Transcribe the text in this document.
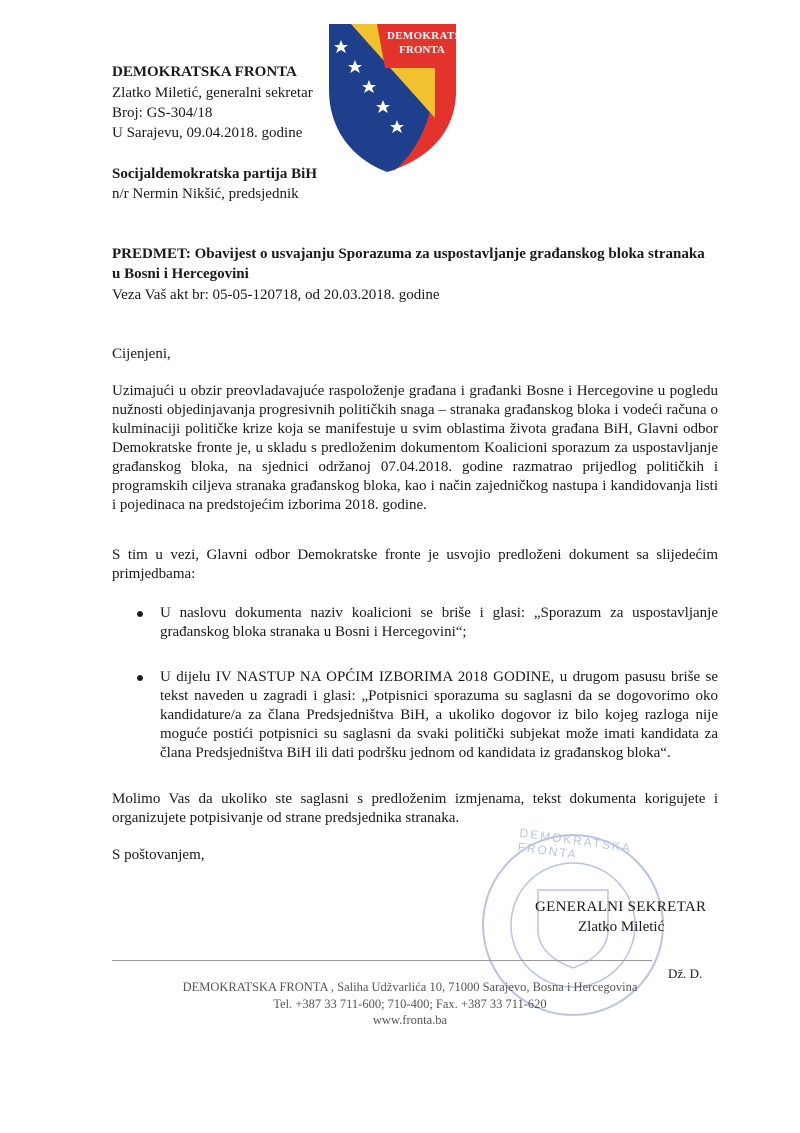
DEMOKRATSKA
FRONTA
DEMOKRATSKA FRONTA
Zlatko Miletić, generalni sekretar
Broj: GS-304/18
U Sarajevu, 09.04.2018. godine
Socijaldemokratska partija BiH
n/r Nermin Nikšić, predsjednik
PREDMET: Obavijest o usvajanju Sporazuma za uspostavljanje građanskog bloka stranaka
u Bosni i Hercegovini
Veza Vaš akt br: 05-05-120718, od 20.03.2018. godine
Cijenjeni,

Uzimajući u obzir preovladavajuće raspoloženje građana i građanki Bosne i Hercegovine u pogledu nužnosti objedinjavanja progresivnih političkih snaga – stranaka građanskog bloka i vodeći računa o kulminaciji političke krize koja se manifestuje u svim oblastima života građana BiH, Glavni odbor Demokratske fronte je, u skladu s predloženim dokumentom Koalicioni sporazum za uspostavljanje građanskog bloka, na sjednici održanoj 07.04.2018. godine razmatrao prijedlog političkih i programskih ciljeva stranaka građanskog bloka, kao i način zajedničkog nastupa i kandidovanja listi i pojedinaca na predstojećim izborima 2018. godine.

S tim u vezi, Glavni odbor Demokratske fronte je usvojio predloženi dokument sa slijedećim primjedbama:

U naslovu dokumenta naziv koalicioni se briše i glasi: „Sporazum za uspostavljanje građanskog bloka stranaka u Bosni i Hercegovini“;

U dijelu IV NASTUP NA OPĆIM IZBORIMA 2018 GODINE, u drugom pasusu briše se tekst naveden u zagradi i glasi: „Potpisnici sporazuma su saglasni da se dogovorimo oko kandidature/a za člana Predsjedništva BiH, a ukoliko dogovor iz bilo kojeg razloga nije moguće postići potpisnici su saglasni da svaki politički subjekat može imati kandidata za člana Predsjedništva BiH ili dati podršku jednom od kandidata iz građanskog bloka“.

Molimo Vas da ukoliko ste saglasni s predloženim izmjenama, tekst dokumenta korigujete i organizujete potpisivanje od strane predsjednika stranaka.

S poštovanjem,	DEMOKRATSKA FRONTA
GENERALNI SEKRETAR
Zlatko Miletić
Dž. D.
DEMOKRATSKA FRONTA , Saliha Udžvarlića 10, 71000 Sarajevo, Bosna i Hercegovina
Tel. +387 33 711-600; 710-400; Fax. +387 33 711-620
www.fronta.ba
